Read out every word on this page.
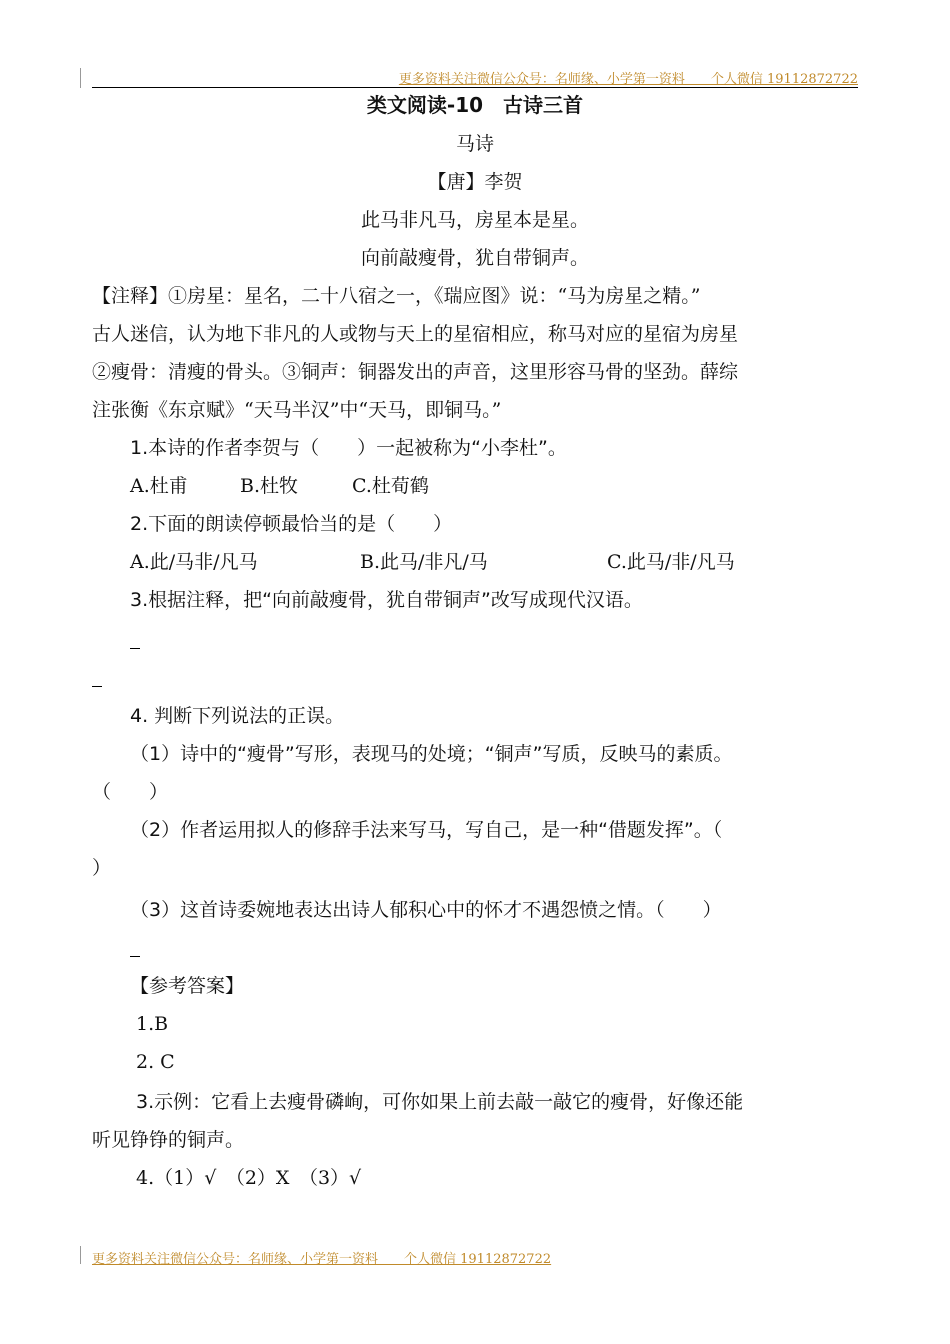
更多资料关注微信公众号：名师缘、小学第一资料　　个人微信 19112872722
类文阅读-10　古诗三首
马诗
【唐】李贺
此马非凡马，房星本是星。
向前敲瘦骨，犹自带铜声。
【注释】①房星：星名，二十八宿之一，《瑞应图》说：“马为房星之精。”
古人迷信，认为地下非凡的人或物与天上的星宿相应，称马对应的星宿为房星
②瘦骨：清瘦的骨头。③铜声：铜器发出的声音，这里形容马骨的坚劲。薛综
注张衡《东京赋》“天马半汉”中“天马，即铜马。”
1.本诗的作者李贺与（　　）一起被称为“小李杜”。
A.杜甫	B.杜牧	C.杜荀鹤
2.下面的朗读停顿最恰当的是（　　）
A.此/马非/凡马	B.此马/非凡/马	C.此马/非/凡马
3.根据注释，把“向前敲瘦骨，犹自带铜声”改写成现代汉语。
4. 判断下列说法的正误。
（1）诗中的“瘦骨”写形，表现马的处境；“铜声”写质，反映马的素质。
（　　）
（2）作者运用拟人的修辞手法来写马，写自己，是一种“借题发挥”。（
）
（3）这首诗委婉地表达出诗人郁积心中的怀才不遇怨愤之情。（　　）
【参考答案】
1.B
2. C
3.示例：它看上去瘦骨磷峋，可你如果上前去敲一敲它的瘦骨，好像还能
听见铮铮的铜声。
4.（1）√　（2）X　（3）√
更多资料关注微信公众号：名师缘、小学第一资料　　个人微信 19112872722
